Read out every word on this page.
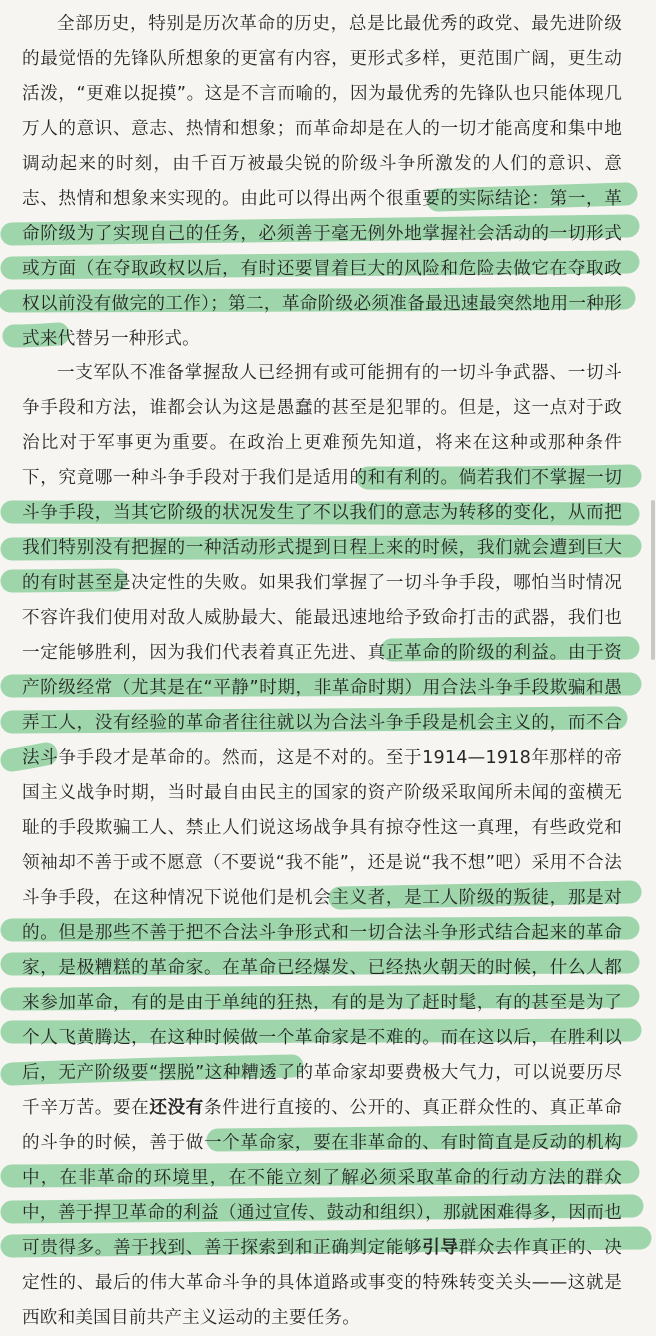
全部历史，特别是历次革命的历史，总是比最优秀的政党、最先进阶级的最觉悟的先锋队所想象的更富有内容，更形式多样，更范围广阔，更生动活泼，“更难以捉摸”。这是不言而喻的，因为最优秀的先锋队也只能体现几万人的意识、意志、热情和想象；而革命却是在人的一切才能高度和集中地调动起来的时刻，由千百万被最尖锐的阶级斗争所激发的人们的意识、意志、热情和想象来实现的。由此可以得出两个很重要的实际结论：第一，革命阶级为了实现自己的任务，必须善于毫无例外地掌握社会活动的一切形式或方面（在夺取政权以后，有时还要冒着巨大的风险和危险去做它在夺取政权以前没有做完的工作）；第二，革命阶级必须准备最迅速最突然地用一种形式来代替另一种形式。

一支军队不准备掌握敌人已经拥有或可能拥有的一切斗争武器、一切斗争手段和方法，谁都会认为这是愚蠢的甚至是犯罪的。但是，这一点对于政治比对于军事更为重要。在政治上更难预先知道，将来在这种或那种条件下，究竟哪一种斗争手段对于我们是适用的和有利的。倘若我们不掌握一切斗争手段，当其它阶级的状况发生了不以我们的意志为转移的变化，从而把我们特别没有把握的一种活动形式提到日程上来的时候，我们就会遭到巨大的有时甚至是决定性的失败。如果我们掌握了一切斗争手段，哪怕当时情况不容许我们使用对敌人威胁最大、能最迅速地给予致命打击的武器，我们也一定能够胜利，因为我们代表着真正先进、真正革命的阶级的利益。由于资产阶级经常（尤其是在“平静”时期，非革命时期）用合法斗争手段欺骗和愚弄工人，没有经验的革命者往往就以为合法斗争手段是机会主义的，而不合法斗争手段才是革命的。然而，这是不对的。至于1914—1918年那样的帝国主义战争时期，当时最自由民主的国家的资产阶级采取闻所未闻的蛮横无耻的手段欺骗工人、禁止人们说这场战争具有掠夺性这一真理，有些政党和领袖却不善于或不愿意（不要说“我不能”，还是说“我不想”吧）采用不合法斗争手段，在这种情况下说他们是机会主义者，是工人阶级的叛徒，那是对的。但是那些不善于把不合法斗争形式和一切合法斗争形式结合起来的革命家，是极糟糕的革命家。在革命已经爆发、已经热火朝天的时候，什么人都来参加革命，有的是由于单纯的狂热，有的是为了赶时髦，有的甚至是为了个人飞黄腾达，在这种时候做一个革命家是不难的。而在这以后，在胜利以后，无产阶级要“摆脱”这种糟透了的革命家却要费极大气力，可以说要历尽千辛万苦。要在还没有条件进行直接的、公开的、真正群众性的、真正革命的斗争的时候，善于做一个革命家，要在非革命的、有时简直是反动的机构中，在非革命的环境里，在不能立刻了解必须采取革命的行动方法的群众中，善于捍卫革命的利益（通过宣传、鼓动和组织），那就困难得多，因而也可贵得多。善于找到、善于探索到和正确判定能够引导群众去作真正的、决定性的、最后的伟大革命斗争的具体道路或事变的特殊转变关头——这就是西欧和美国目前共产主义运动的主要任务。
